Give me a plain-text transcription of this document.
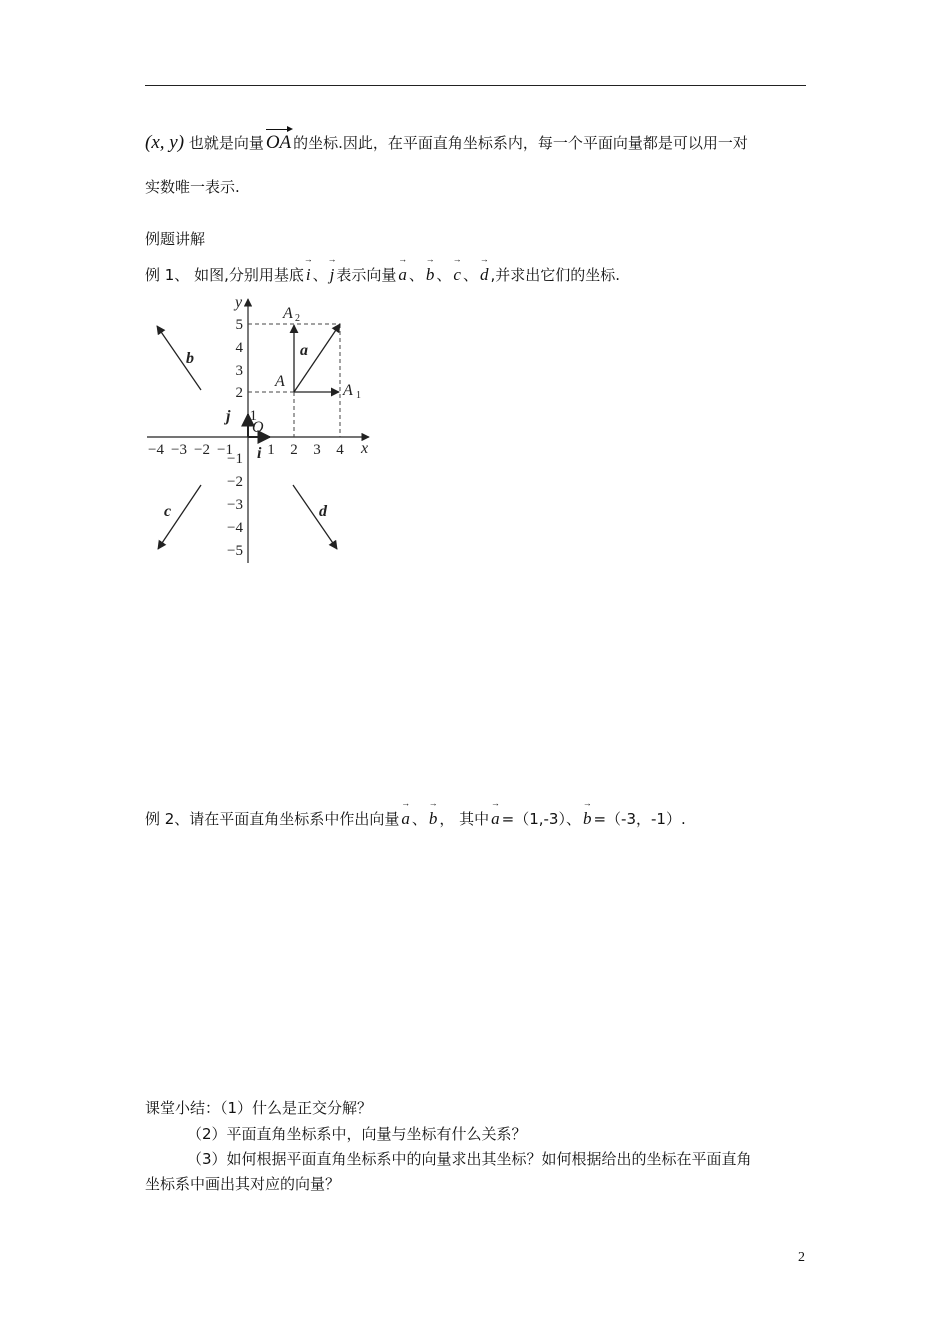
(x, y) 也就是向量 OA 的坐标.因此，在平面直角坐标系内，每一个平面向量都是可以用一对
实数唯一表示.
例题讲解
例 1、 如图,分别用基底
→
i 、
→
j 表示向量
→
a 、
→
b 、
→
c 、
→
d ,并求出它们的坐标.
−4 −3 −2 −1 1 2 3 4
5
4
3
2
1
−1
−2
−3
−4
−5
x
y
O
A
A
A
1
2
a
b
c	d
i
j
例 2、请在平面直角坐标系中作出向量
→
a 、
→
b ， 其中
→
a =（1,-3）、
→
b =（-3，-1）.
课堂小结：（1）什么是正交分解？
（2）平面直角坐标系中，向量与坐标有什么关系？
（3）如何根据平面直角坐标系中的向量求出其坐标？如何根据给出的坐标在平面直角
坐标系中画出其对应的向量？
2
